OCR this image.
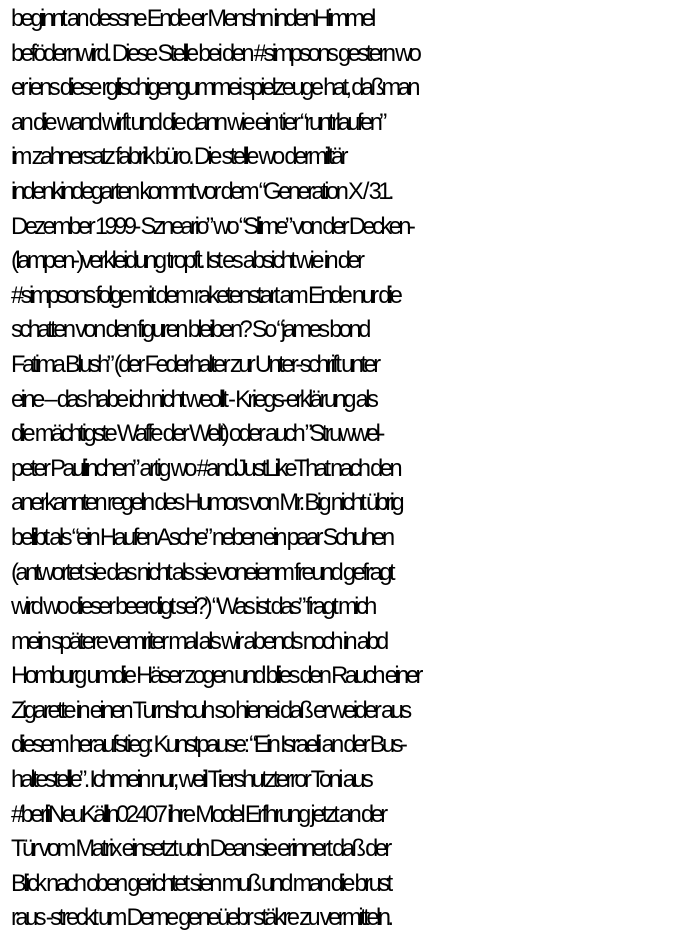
beginnt an dessne Ende er Menshn indenHimmel
befödernwird. Diese Stelle bei den #simpsons gestern wo
er iens diese rglischigengummei spielzeuge hat, daßman
an die wand wirft und die dann wie ein tier “runtrlaufen”
im zahnersatz fabrik büro. Die stelle wo dermiltär
indenkindegarten kommt vor dem “Generation X / 31.
Dezember 1999- Szneario” wo “Slime” von der Decken-
(lampen-)verkleidung tropft. Ist es absicht wie in der
#simpsons folge mit dem raketenstart am Ende nur die
schatten von den figuren bleiben? So “james bond
Fatima Blush” (der Federhalter zur Unter-schrift unter
eine – das habe ich nicht weollt - Kriegs-erklärung als
die mächtigste Waffe der Welt) oder auch ”Struwwel-
peter Paulinchen” artig wo #andJustLikeThat nach den
anerkannten regeln des Humors von Mr. Big nicht übrig
belibt als “ein Haufen Asche” neben ein paar Schuhen
(antwortet sie das nicht als sie voneienm freund gefragt
wird wo dieser beerdigt sei?) “Was ist das” fragt mich
mein spätere vemriter mal als wir abends noch in abd
Homburg umdie Häser zogen und blies den Rauch einer
Zigarette in einen Turnshcuh so hienei daß er weider aus
diesem heraufstieg: Kunstpause: “Ein Israeli an der Bus-
haltestelle”. Ichmein nur, weil Tiershutzterror Toni aus
#berliNeuKälln02407 ihre Model Erfhrung jetzt an der
Tür vom Matrix einsetzt udn Dean sie erinnert daß der
Blick nach oben gerichtet sien muß und man die brust
raus -streckt um Deme geneüebr stäkre zu vermitteln.
